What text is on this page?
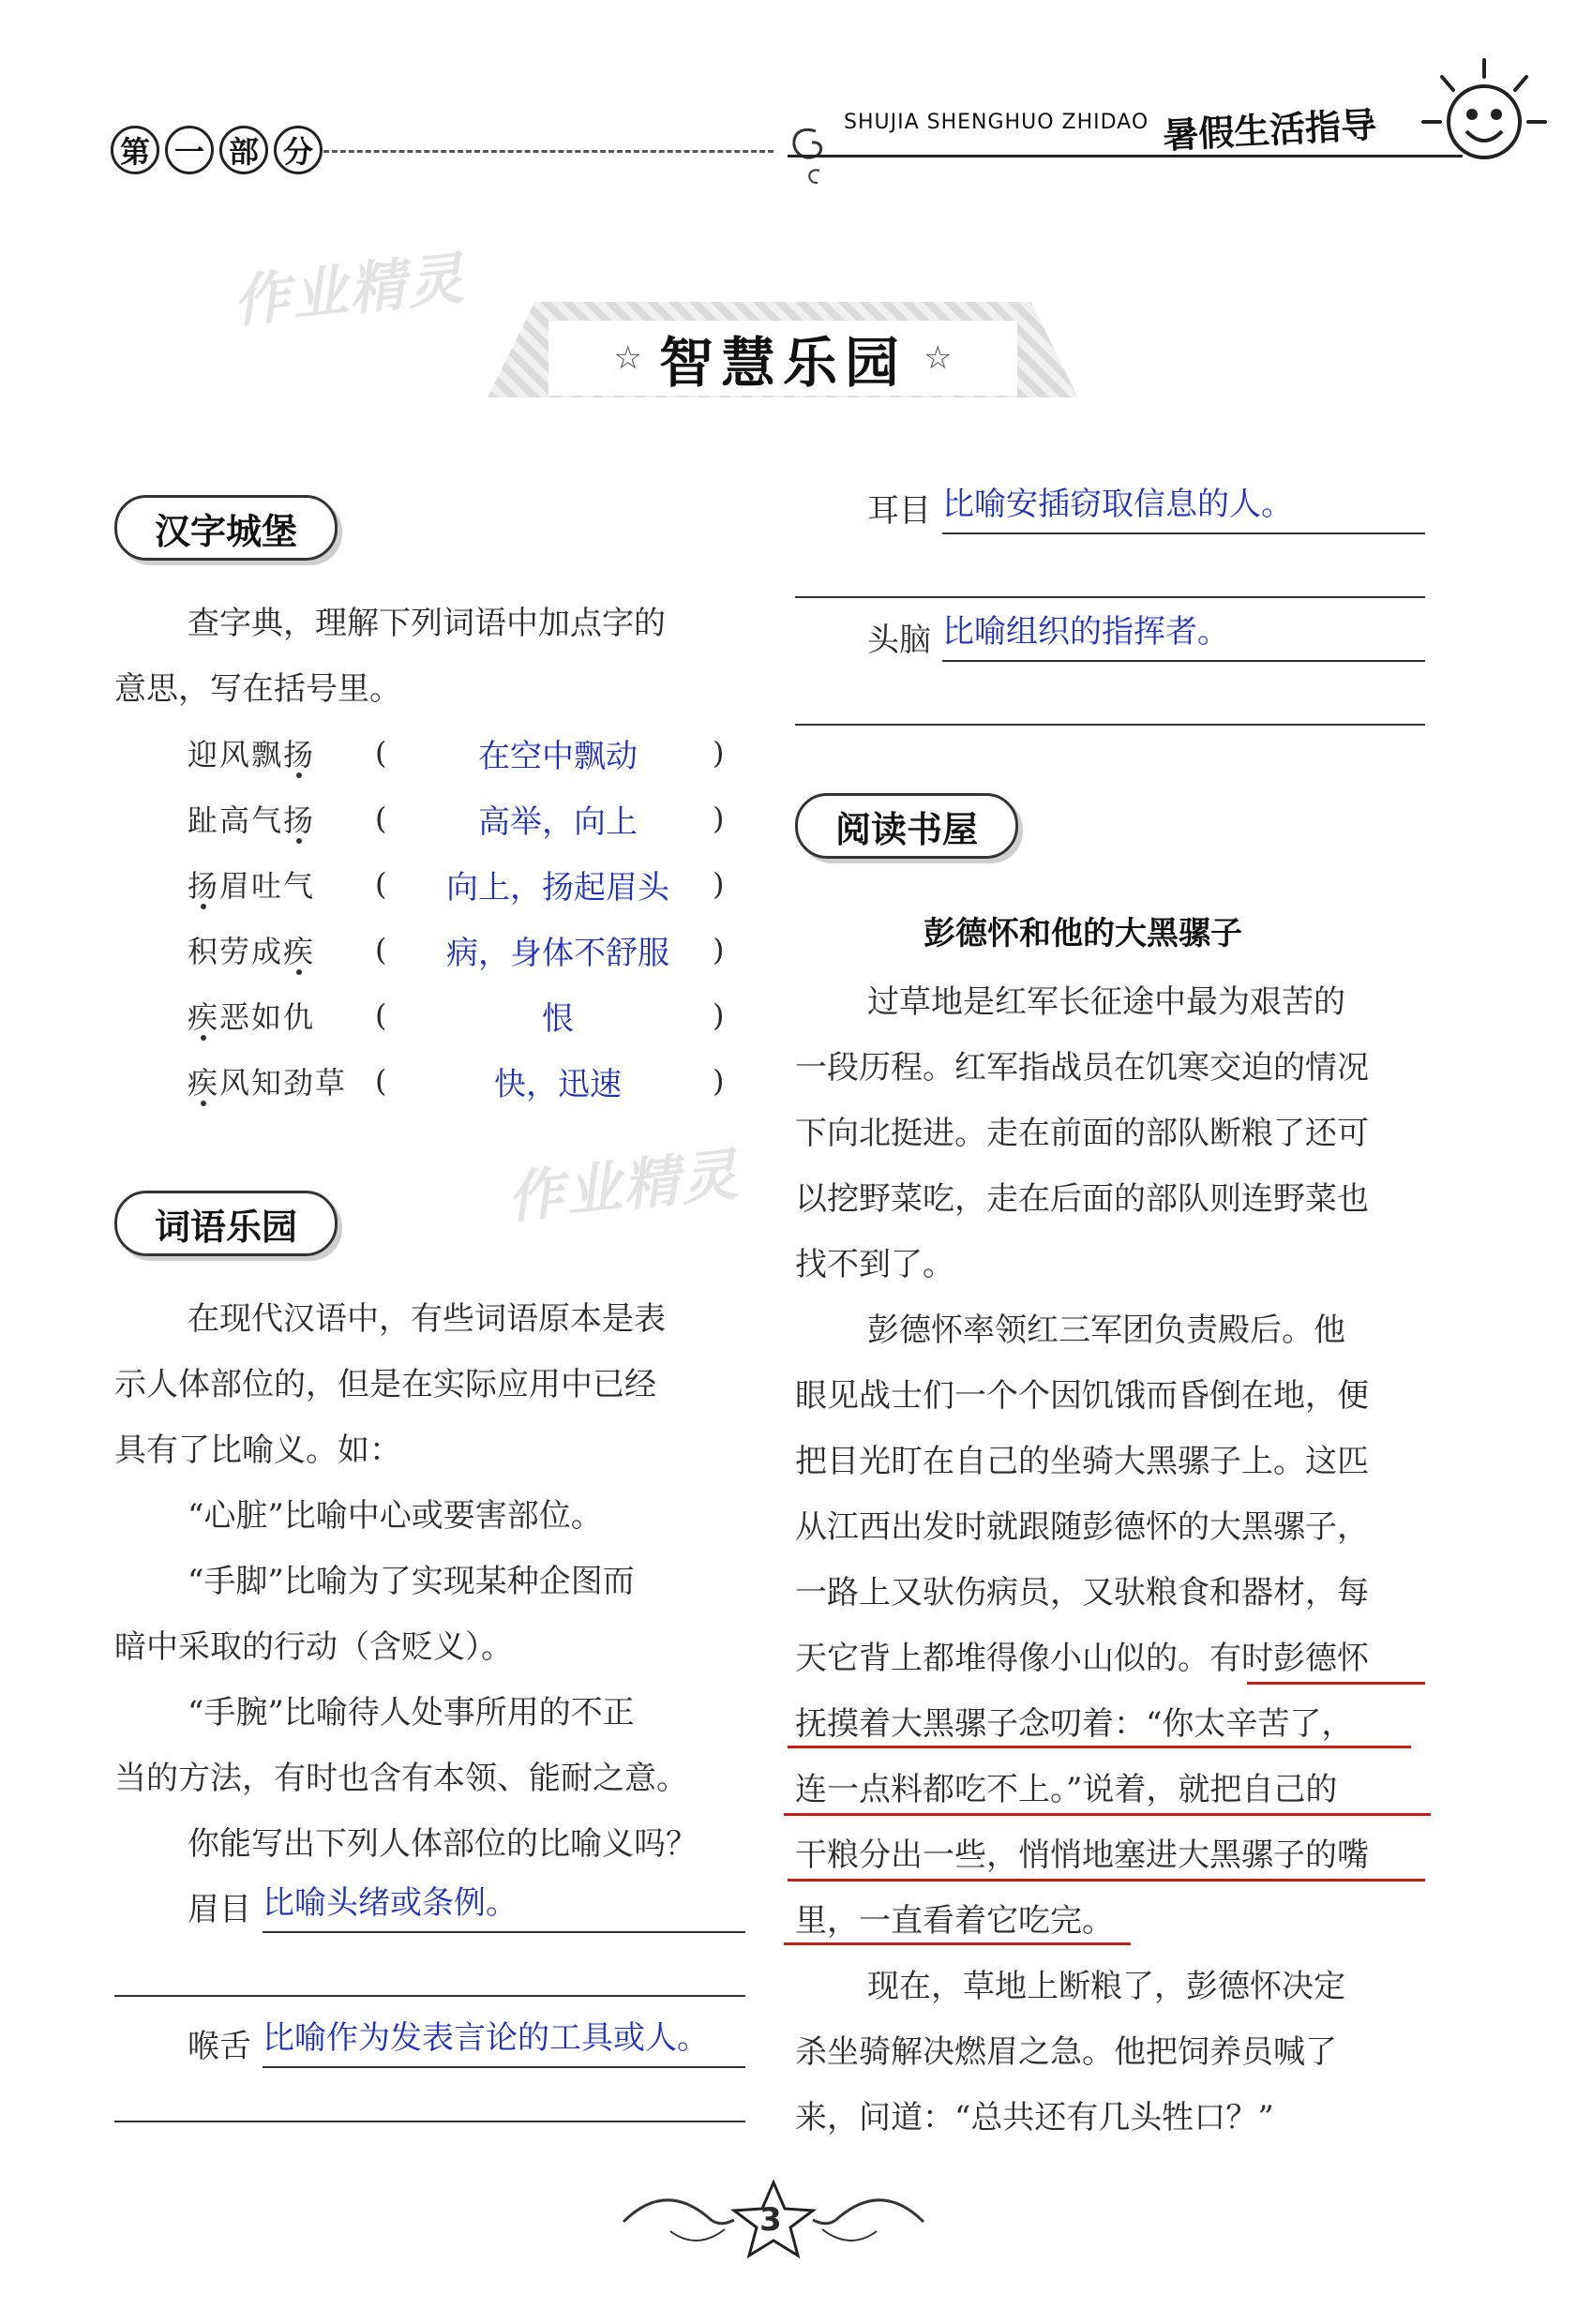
第 一 部 分
SHUJIA SHENGHUO ZHIDAO 暑假生活指导
作业精灵
作业精灵
☆ 智慧乐园 ☆
汉字城堡
查字典，理解下列词语中加点字的
意思，写在括号里。
迎风飘扬	(	在空中飘动	)
趾高气扬	(	高举，向上	)
扬眉吐气	(	向上，扬起眉头	)
积劳成疾	(	病，身体不舒服	)
疾恶如仇	(	恨	)
疾风知劲草 (	快，迅速	)
词语乐园
在现代汉语中，有些词语原本是表
示人体部位的，但是在实际应用中已经
具有了比喻义。如：
“心脏”比喻中心或要害部位。
“手脚”比喻为了实现某种企图而
暗中采取的行动（含贬义）。
“手腕”比喻待人处事所用的不正
当的方法，有时也含有本领、能耐之意。
你能写出下列人体部位的比喻义吗？
眉目 比喻头绪或条例。
喉舌 比喻作为发表言论的工具或人。
耳目 比喻安插窃取信息的人。
头脑 比喻组织的指挥者。
阅读书屋
彭德怀和他的大黑骡子
过草地是红军长征途中最为艰苦的
一段历程。红军指战员在饥寒交迫的情况
下向北挺进。走在前面的部队断粮了还可
以挖野菜吃，走在后面的部队则连野菜也
找不到了。
彭德怀率领红三军团负责殿后。他
眼见战士们一个个因饥饿而昏倒在地，便
把目光盯在自己的坐骑大黑骡子上。这匹
从江西出发时就跟随彭德怀的大黑骡子，
一路上又驮伤病员，又驮粮食和器材，每
天它背上都堆得像小山似的。有时彭德怀
抚摸着大黑骡子念叨着：“你太辛苦了，
连一点料都吃不上。”说着，就把自己的
干粮分出一些，悄悄地塞进大黑骡子的嘴
里，一直看着它吃完。
现在，草地上断粮了，彭德怀决定
杀坐骑解决燃眉之急。他把饲养员喊了
来，问道：“总共还有几头牲口？”
3
